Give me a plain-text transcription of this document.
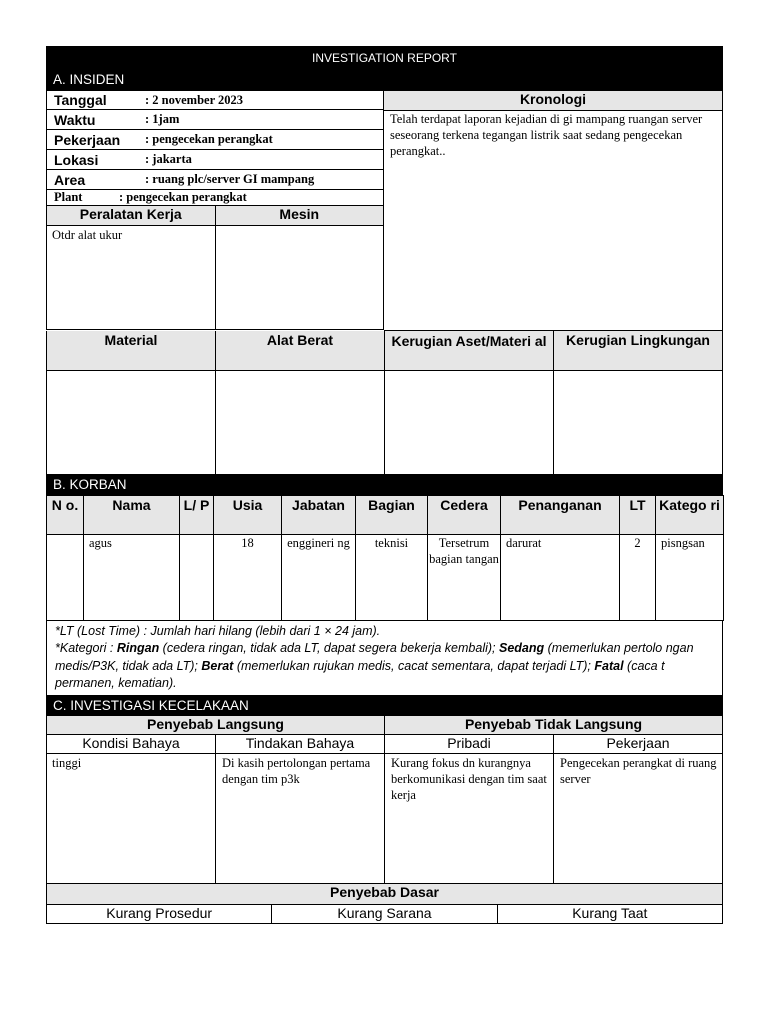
INVESTIGATION REPORT
A. INSIDEN
Tanggal	: 2 november 2023
Waktu	: 1jam
Pekerjaan	: pengecekan perangkat
Lokasi	: jakarta
Area	: ruang plc/server GI mampang
Plant	: pengecekan perangkat
Peralatan Kerja	Mesin
Otdr alat ukur	
Kronologi
Telah terdapat laporan kejadian di gi mampang ruangan server seseorang terkena tegangan listrik saat sedang pengecekan perangkat..
Material	Alat Berat	Kerugian Aset/Materi al	Kerugian Lingkungan

B. KORBAN
N o.	Nama	L/ P	Usia	Jabatan	Bagian	Cedera	Penanganan	LT	Katego ri
	agus		18	enggineri ng	teknisi	Tersetrum bagian tangan	darurat	2	pisngsan
*LT (Lost Time) : Jumlah hari hilang (lebih dari 1 × 24 jam).
*Kategori : Ringan (cedera ringan, tidak ada LT, dapat segera bekerja kembali); Sedang (memerlukan pertolo ngan medis/P3K, tidak ada LT); Berat (memerlukan rujukan medis, cacat sementara, dapat terjadi LT); Fatal (caca t permanen, kematian).
C. INVESTIGASI KECELAKAAN
Penyebab Langsung		Penyebab Tidak Langsung	
Kondisi Bahaya	Tindakan Bahaya	Pribadi	Pekerjaan
tinggi	Di kasih pertolongan pertama dengan tim p3k	Kurang fokus dn kurangnya berkomunikasi dengan tim saat kerja	Pengecekan perangkat di ruang server
Penyebab Dasar
Kurang Prosedur	Kurang Sarana	Kurang Taat
